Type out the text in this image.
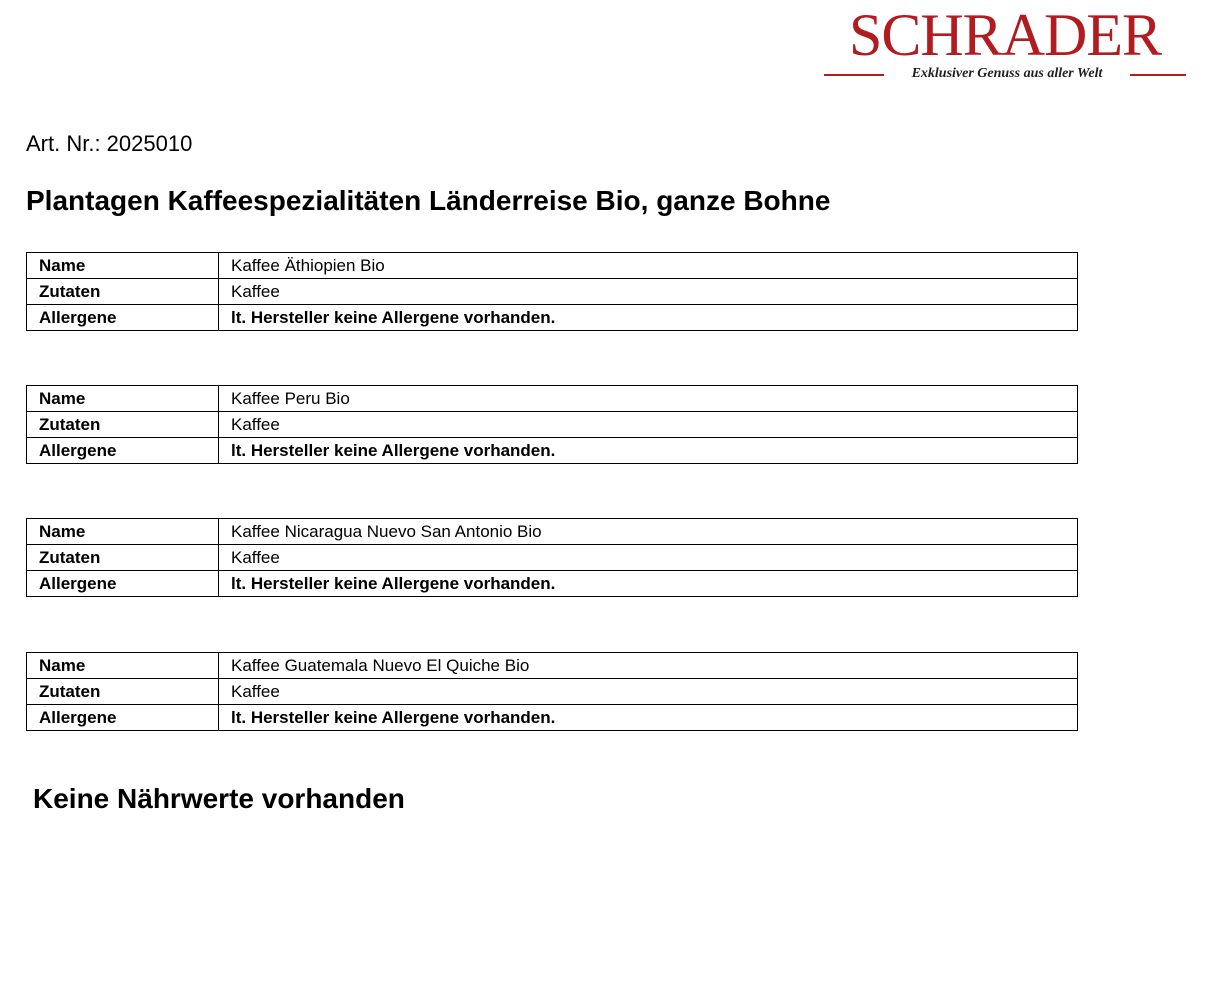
SCHRADER
Exklusiver Genuss aus aller Welt
Art. Nr.: 2025010
Plantagen Kaffeespezialitäten Länderreise Bio, ganze Bohne
Name	Kaffee Äthiopien Bio
Zutaten	Kaffee
Allergene	lt. Hersteller keine Allergene vorhanden.
Name	Kaffee Peru Bio
Zutaten	Kaffee
Allergene	lt. Hersteller keine Allergene vorhanden.
Name	Kaffee Nicaragua Nuevo San Antonio Bio
Zutaten	Kaffee
Allergene	lt. Hersteller keine Allergene vorhanden.
Name	Kaffee Guatemala Nuevo El Quiche Bio
Zutaten	Kaffee
Allergene	lt. Hersteller keine Allergene vorhanden.
Keine Nährwerte vorhanden
